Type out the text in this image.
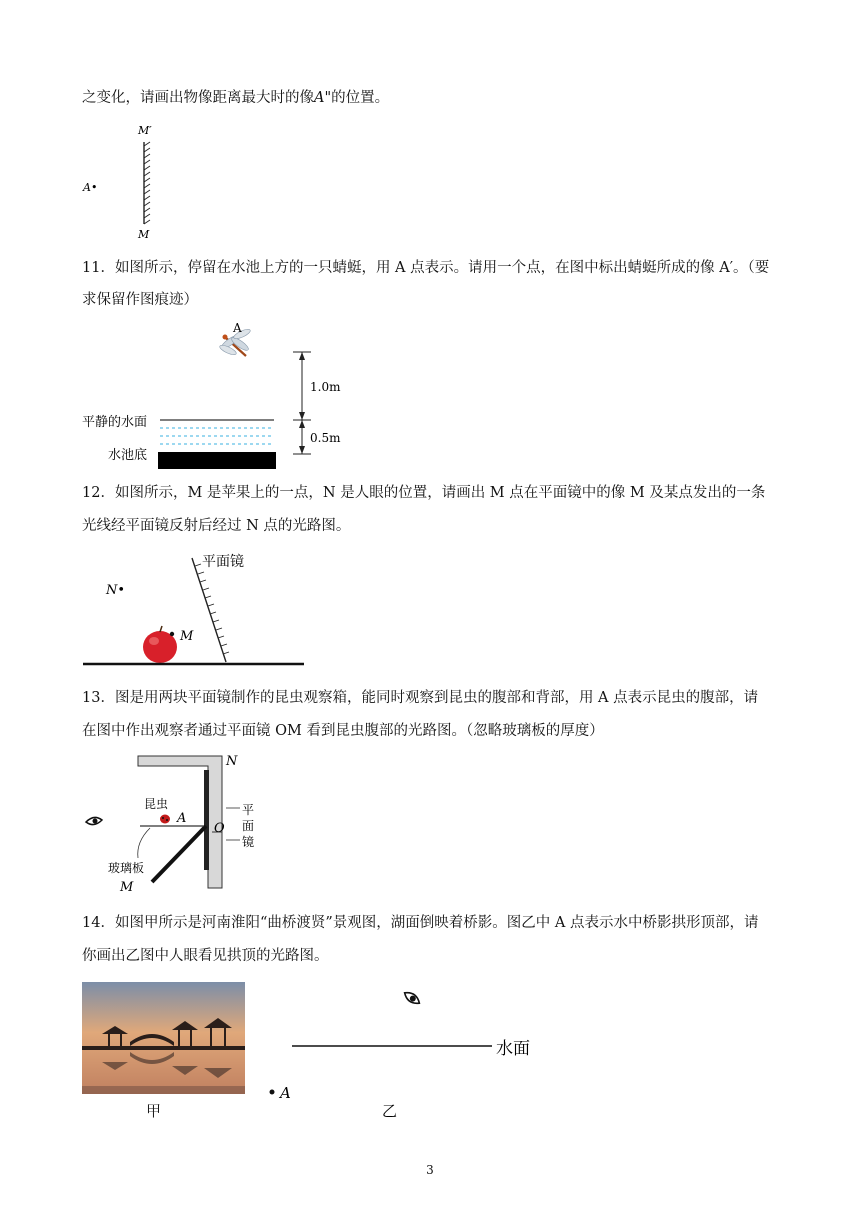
之变化，请画出物像距离最大时的像A"的位置。

M′
M
A•

11．如图所示，停留在水池上方的一只蜻蜓，用 A 点表示。请用一个点，在图中标出蜻蜓所成的像 A′。（要

求保留作图痕迹）

A
1.0m
0.5m
平静的水面
水池底

12．如图所示，M 是苹果上的一点，N 是人眼的位置，请画出 M 点在平面镜中的像 M 及某点发出的一条

光线经平面镜反射后经过 N 点的光路图。

平面镜
N•
M

13．图是用两块平面镜制作的昆虫观察箱，能同时观察到昆虫的腹部和背部，用 A 点表示昆虫的腹部，请

在图中作出观察者通过平面镜 OM 看到昆虫腹部的光路图。（忽略玻璃板的厚度）

N
昆虫
A
O
平
面
镜
玻璃板
M

14．如图甲所示是河南淮阳“曲桥渡贤”景观图，湖面倒映着桥影。图乙中 A 点表示水中桥影拱形顶部，请

你画出乙图中人眼看见拱顶的光路图。

甲
水面
A
乙
3
